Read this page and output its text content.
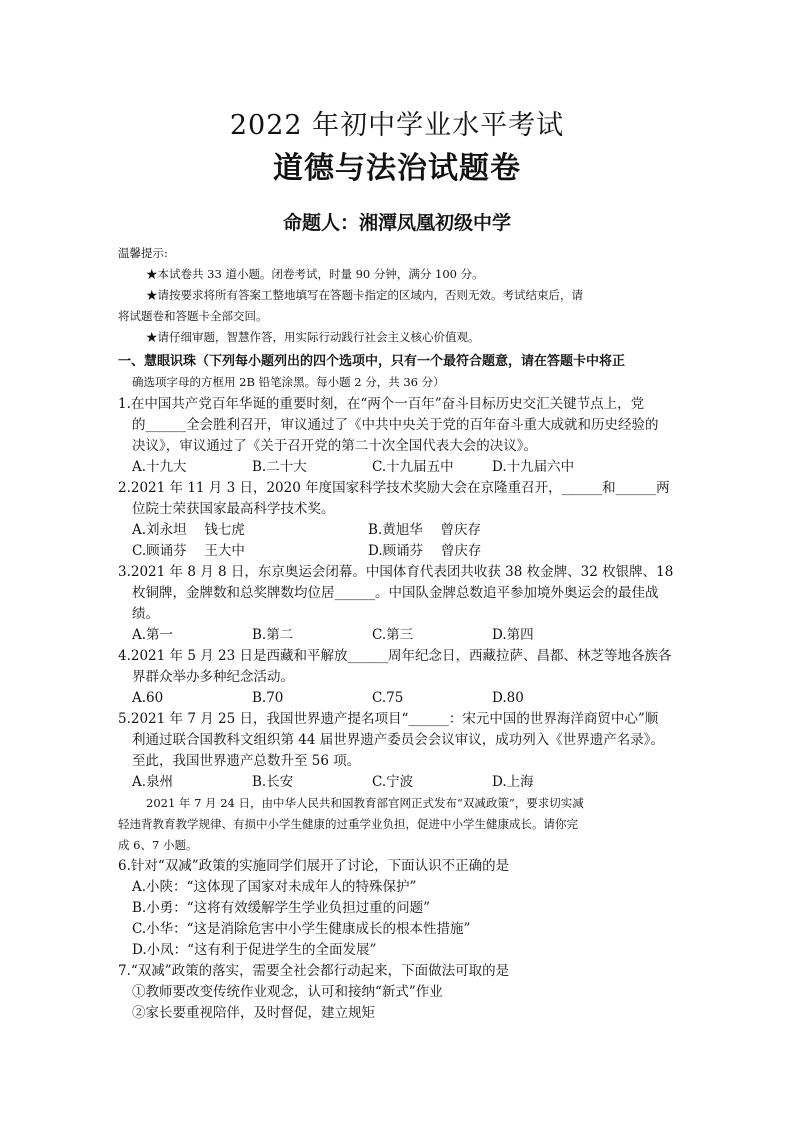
2022 年初中学业水平考试
道德与法治试题卷
命题人：湘潭凤凰初级中学
温馨提示:
★本试卷共 33 道小题。闭卷考试，时量 90 分钟，满分 100 分。
★请按要求将所有答案工整地填写在答题卡指定的区域内，否则无效。考试结束后，请
将试题卷和答题卡全部交回。
★请仔细审题，智慧作答，用实际行动践行社会主义核心价值观。
一、慧眼识珠（下列每小题列出的四个选项中，只有一个最符合题意，请在答题卡中将正
确选项字母的方框用 2B 铅笔涂黑。每小题 2 分，共 36 分）
1.在中国共产党百年华诞的重要时刻，在“两个一百年”奋斗目标历史交汇关键节点上，党
的______全会胜利召开，审议通过了《中共中央关于党的百年奋斗重大成就和历史经验的
决议》，审议通过了《关于召开党的第二十次全国代表大会的决议》。
A.十九大	B.二十大	C.十九届五中	D.十九届六中
2.2021 年 11 月 3 日，2020 年度国家科学技术奖励大会在京隆重召开，______和______两
位院士荣获国家最高科学技术奖。
A.刘永坦　 钱七虎	B.黄旭华　 曾庆存
C.顾诵芬　 王大中	D.顾诵芬　 曾庆存
3.2021 年 8 月 8 日，东京奥运会闭幕。中国体育代表团共收获 38 枚金牌、32 枚银牌、18
枚铜牌，金牌数和总奖牌数均位居______。中国队金牌总数追平参加境外奥运会的最佳战
绩。
A.第一	B.第二	C.第三	D.第四
4.2021 年 5 月 23 日是西藏和平解放______周年纪念日，西藏拉萨、昌都、林芝等地各族各
界群众举办多种纪念活动。
A.60	B.70	C.75	D.80
5.2021 年 7 月 25 日，我国世界遗产提名项目“______：宋元中国的世界海洋商贸中心”顺
利通过联合国教科文组织第 44 届世界遗产委员会会议审议，成功列入《世界遗产名录》。
至此，我国世界遗产总数升至 56 项。
A.泉州	B.长安	C.宁波	D.上海
2021 年 7 月 24 日，由中华人民共和国教育部官网正式发布“双减政策”，要求切实减
轻违背教育教学规律、有损中小学生健康的过重学业负担，促进中小学生健康成长。请你完
成 6、7 小题。
6.针对“双减”政策的实施同学们展开了讨论，下面认识不正确的是
A.小陕：“这体现了国家对未成年人的特殊保护”
B.小勇：“这将有效缓解学生学业负担过重的问题”
C.小华：“这是消除危害中小学生健康成长的根本性措施”
D.小凤：“这有利于促进学生的全面发展”
7.“双减”政策的落实，需要全社会都行动起来，下面做法可取的是
①教师要改变传统作业观念，认可和接纳“新式”作业
②家长要重视陪伴，及时督促，建立规矩
